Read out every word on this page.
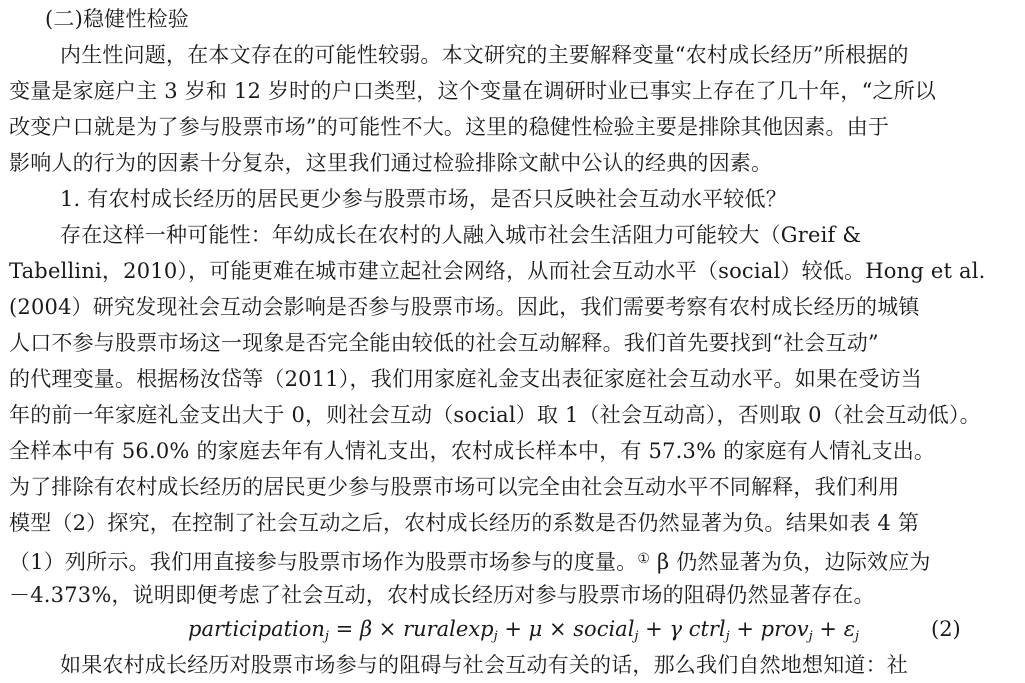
(二)稳健性检验
内生性问题，在本文存在的可能性较弱。本文研究的主要解释变量“农村成长经历”所根据的
变量是家庭户主 3 岁和 12 岁时的户口类型，这个变量在调研时业已事实上存在了几十年，“之所以
改变户口就是为了参与股票市场”的可能性不大。这里的稳健性检验主要是排除其他因素。由于
影响人的行为的因素十分复杂，这里我们通过检验排除文献中公认的经典的因素。
1. 有农村成长经历的居民更少参与股票市场，是否只反映社会互动水平较低？
存在这样一种可能性：年幼成长在农村的人融入城市社会生活阻力可能较大（Greif &
Tabellini，2010），可能更难在城市建立起社会网络，从而社会互动水平（social）较低。Hong et al.
(2004）研究发现社会互动会影响是否参与股票市场。因此，我们需要考察有农村成长经历的城镇
人口不参与股票市场这一现象是否完全能由较低的社会互动解释。我们首先要找到“社会互动”
的代理变量。根据杨汝岱等（2011），我们用家庭礼金支出表征家庭社会互动水平。如果在受访当
年的前一年家庭礼金支出大于 0，则社会互动（social）取 1（社会互动高），否则取 0（社会互动低）。
全样本中有 56.0% 的家庭去年有人情礼支出，农村成长样本中，有 57.3% 的家庭有人情礼支出。
为了排除有农村成长经历的居民更少参与股票市场可以完全由社会互动水平不同解释，我们利用
模型（2）探究，在控制了社会互动之后，农村成长经历的系数是否仍然显著为负。结果如表 4 第
（1）列所示。我们用直接参与股票市场作为股票市场参与的度量。① β 仍然显著为负，边际效应为
－4.373%，说明即便考虑了社会互动，农村成长经历对参与股票市场的阻碍仍然显著存在。
participation$_j$ = β × ruralexp$_j$ + μ × social$_j$ + γ ctrl$_j$ + prov$_j$ + $\varepsilon_j$	(2)
如果农村成长经历对股票市场参与的阻碍与社会互动有关的话，那么我们自然地想知道：社
